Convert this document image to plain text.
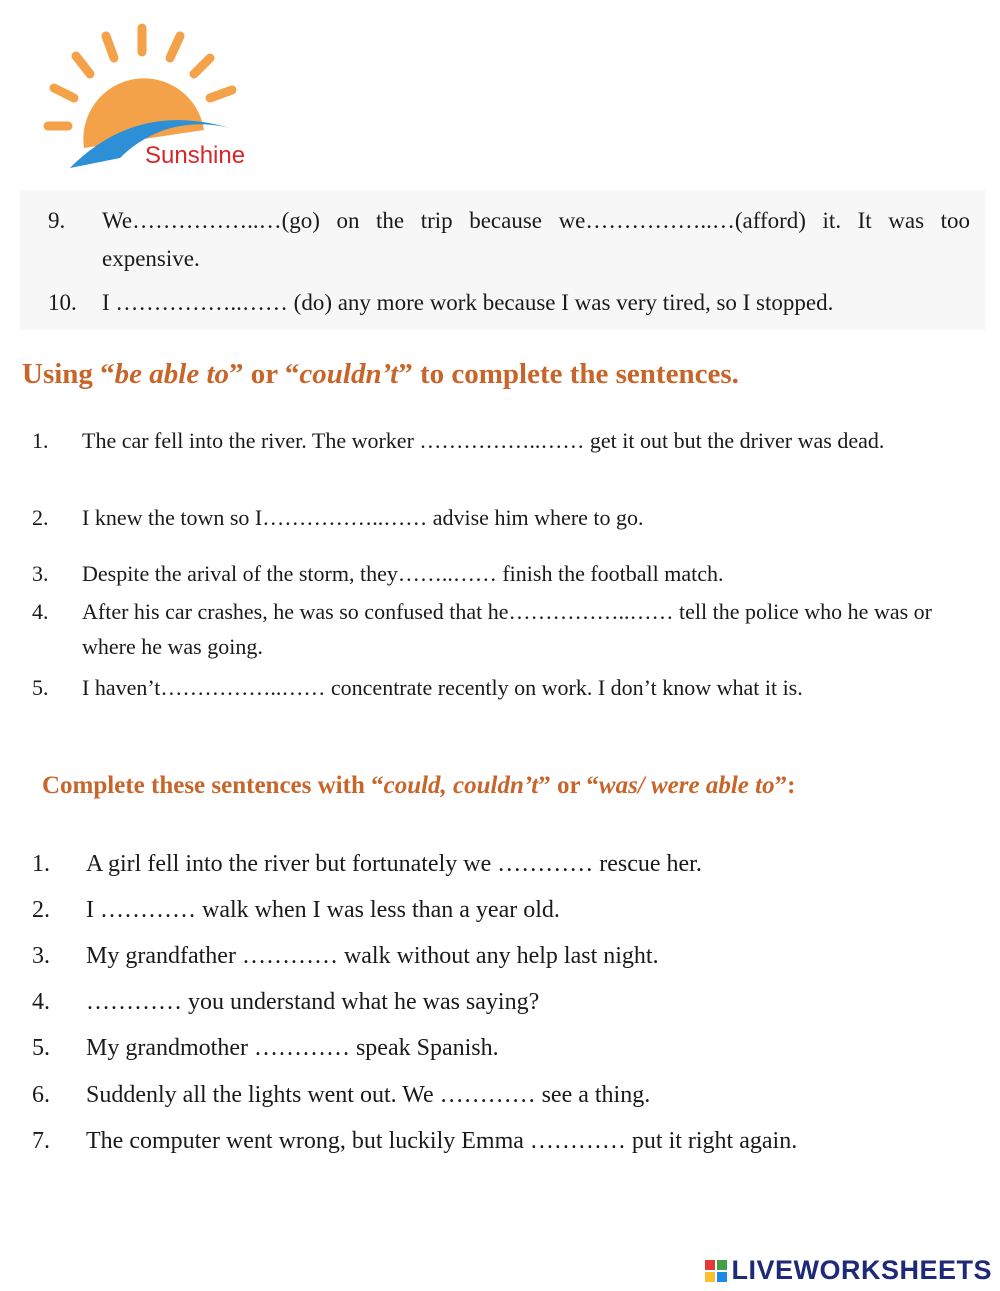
Sunshine
9. We……………..…(go) on the trip because we……………..…(afford) it. It was too expensive.
10. I ……………..…… (do) any more work because I was very tired, so I stopped.
Using “be able to” or “couldn’t” to complete the sentences.
1. The car fell into the river. The worker ……………..…… get it out but the driver was dead.
2. I knew the town so I……………..…… advise him where to go.
3. Despite the arival of the storm, they……..…… finish the football match.
4. After his car crashes, he was so confused that he……………..…… tell the police who he was or where he was going.
5. I haven’t……………..…… concentrate recently on work. I don’t know what it is.
Complete these sentences with “could, couldn’t” or “was/ were able to”:
1. A girl fell into the river but fortunately we ………… rescue her.
2. I ………… walk when I was less than a year old.
3. My grandfather ………… walk without any help last night.
4. ………… you understand what he was saying?
5. My grandmother ………… speak Spanish.
6. Suddenly all the lights went out. We ………… see a thing.
7. The computer went wrong, but luckily Emma ………… put it right again.
LIVEWORKSHEETS
